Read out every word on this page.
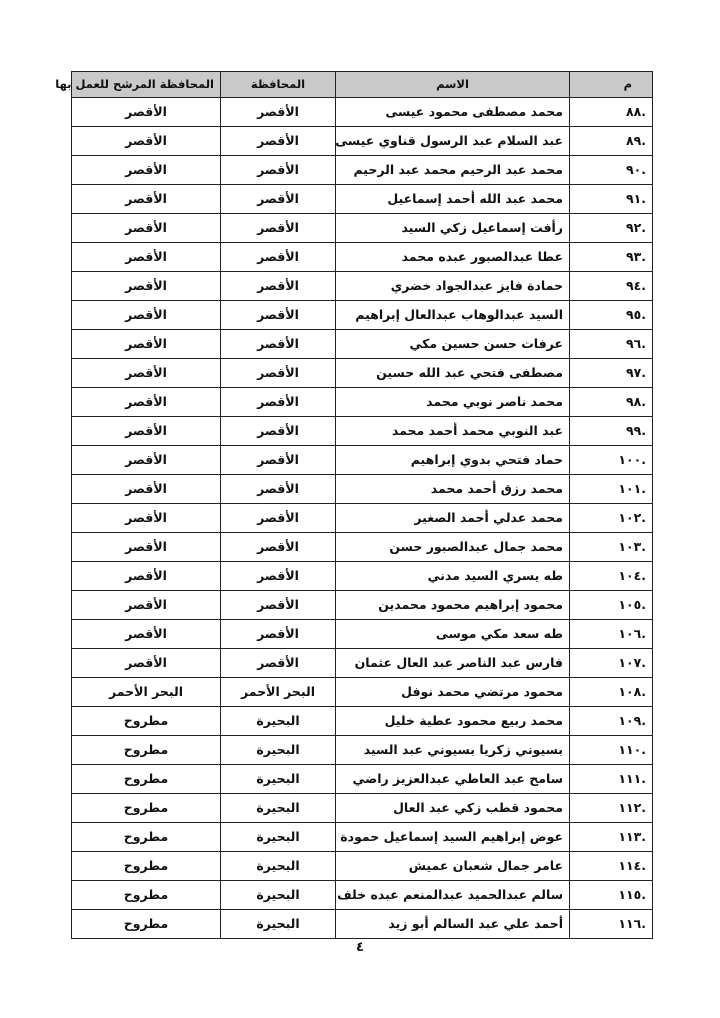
م	الاسم	المحافظة	المحافظة المرشح للعمل بها
.٨٨	محمد مصطفى محمود عيسى	الأقصر	الأقصر
.٨٩	عبد السلام عبد الرسول قناوي عيسى	الأقصر	الأقصر
.٩٠	محمد عبد الرحيم محمد عبد الرحيم	الأقصر	الأقصر
.٩١	محمد عبد الله أحمد إسماعيل	الأقصر	الأقصر
.٩٢	رأفت إسماعيل زكي السيد	الأقصر	الأقصر
.٩٣	عطا عبدالصبور عبده محمد	الأقصر	الأقصر
.٩٤	حمادة فايز عبدالجواد خضري	الأقصر	الأقصر
.٩٥	السيد عبدالوهاب عبدالعال إبراهيم	الأقصر	الأقصر
.٩٦	عرفات حسن حسين مكي	الأقصر	الأقصر
.٩٧	مصطفى فتحي عبد الله حسين	الأقصر	الأقصر
.٩٨	محمد ناصر نوبي محمد	الأقصر	الأقصر
.٩٩	عبد النوبي محمد أحمد محمد	الأقصر	الأقصر
.١٠٠	حماد فتحي بدوي إبراهيم	الأقصر	الأقصر
.١٠١	محمد رزق أحمد محمد	الأقصر	الأقصر
.١٠٢	محمد عدلي أحمد الصغير	الأقصر	الأقصر
.١٠٣	محمد جمال عبدالصبور حسن	الأقصر	الأقصر
.١٠٤	طه يسري السيد مدني	الأقصر	الأقصر
.١٠٥	محمود إبراهيم محمود محمدين	الأقصر	الأقصر
.١٠٦	طه سعد مكي موسى	الأقصر	الأقصر
.١٠٧	فارس عبد الناصر عبد العال عثمان	الأقصر	الأقصر
.١٠٨	محمود مرتضي محمد نوفل	البحر الأحمر	البحر الأحمر
.١٠٩	محمد ربيع محمود عطية خليل	البحيرة	مطروح
.١١٠	بسيوني زكريا بسيوني عبد السيد	البحيرة	مطروح
.١١١	سامح عبد العاطي عبدالعزيز راضي	البحيرة	مطروح
.١١٢	محمود قطب زكي عبد العال	البحيرة	مطروح
.١١٣	عوض إبراهيم السيد إسماعيل حمودة	البحيرة	مطروح
.١١٤	عامر جمال شعبان عميش	البحيرة	مطروح
.١١٥	سالم عبدالحميد عبدالمنعم عبده خلف	البحيرة	مطروح
.١١٦	أحمد علي عبد السالم أبو زيد	البحيرة	مطروح
٤
